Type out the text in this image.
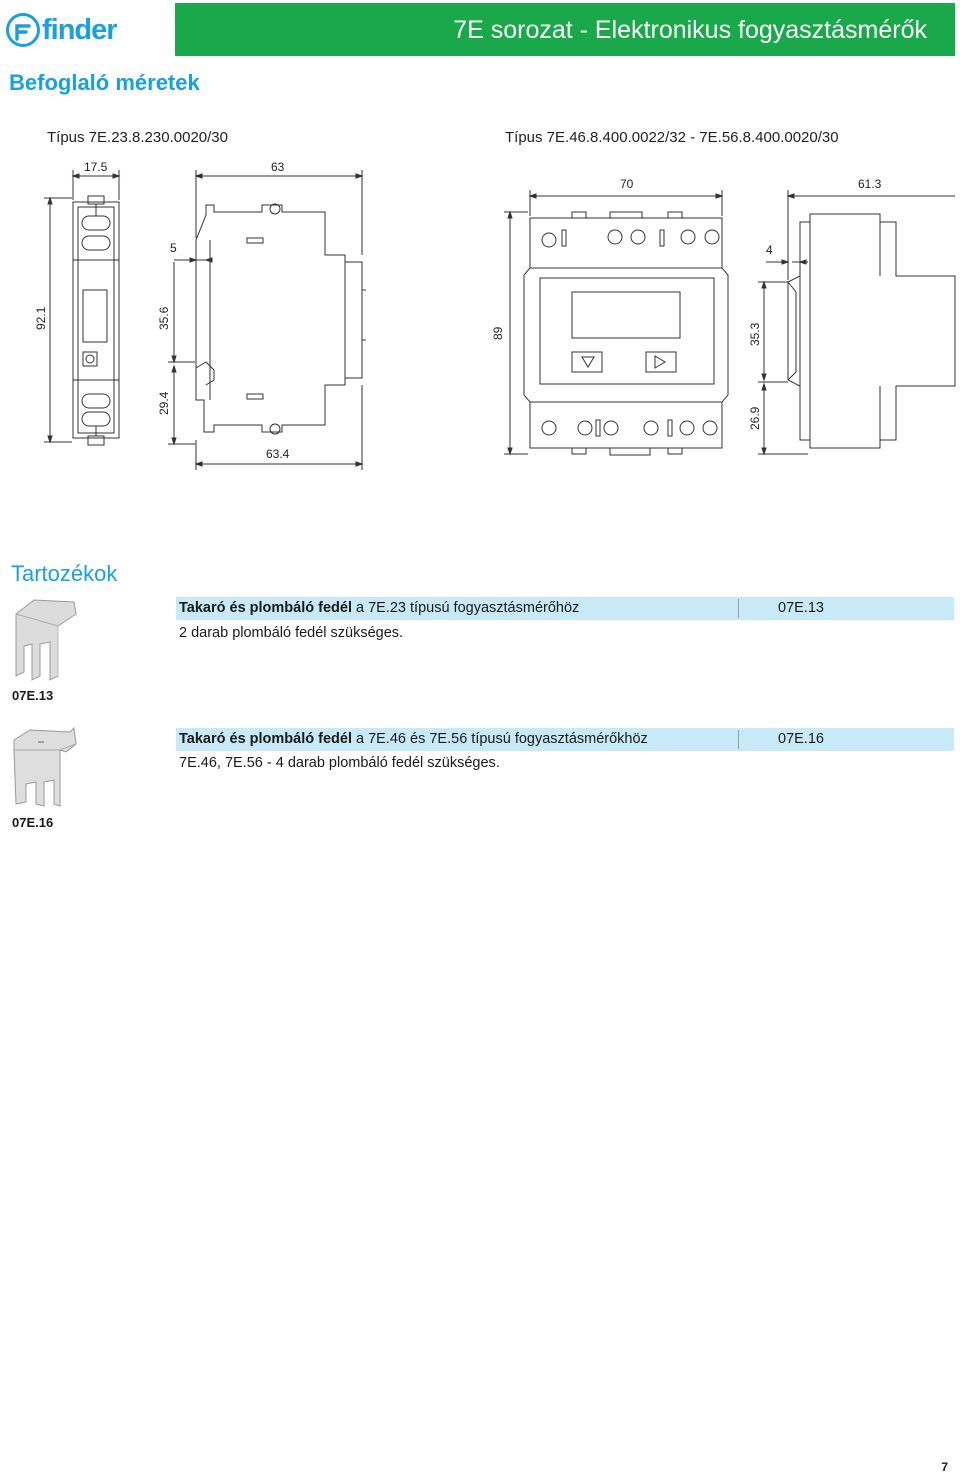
finder	7E sorozat - Elektronikus fogyasztásmérők
Befoglaló méretek
Típus 7E.23.8.230.0020/30	Típus 7E.46.8.400.0022/32 - 7E.56.8.400.0020/30
17.5	63
92.1	35.6
29.4
5
63.4
70	61.3
89
4
35.3
26.9
Tartozékok
07E.13
Takaró és plombáló fedél a 7E.23 típusú fogyasztásmérőhöz	07E.13
2 darab plombáló fedél szükséges.
07E.16
Takaró és plombáló fedél a 7E.46 és 7E.56 típusú fogyasztásmérőkhöz	07E.16
7E.46, 7E.56 - 4 darab plombáló fedél szükséges.
7
